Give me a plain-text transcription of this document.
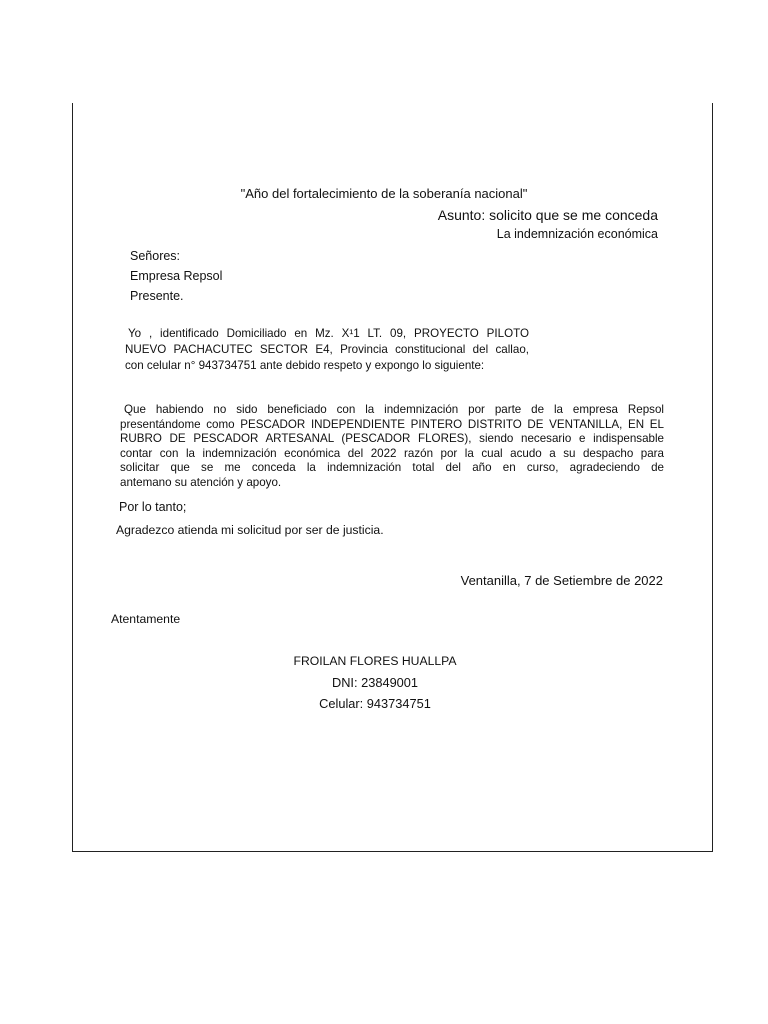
"Año del fortalecimiento de la soberanía nacional"
Asunto: solicito que se me conceda
La indemnización económica
Señores:
Empresa Repsol
Presente.
Yo , identificado Domiciliado en Mz. X¹1 LT. 09, PROYECTO PILOTO
NUEVO PACHACUTEC SECTOR E4, Provincia constitucional del callao,
con celular n° 943734751 ante debido respeto y expongo lo siguiente:
Que habiendo no sido beneficiado con la indemnización por parte de la empresa Repsol
presentándome como PESCADOR INDEPENDIENTE PINTERO DISTRITO DE VENTANILLA, EN EL
RUBRO DE PESCADOR ARTESANAL (PESCADOR FLORES), siendo necesario e indispensable
contar con la indemnización económica del 2022 razón por la cual acudo a su despacho para
solicitar que se me conceda la indemnización total del año en curso, agradeciendo de
antemano su atención y apoyo.
Por lo tanto;
Agradezco atienda mi solicitud por ser de justicia.
Ventanilla, 7 de Setiembre de 2022
Atentamente
FROILAN FLORES HUALLPA
DNI: 23849001
Celular: 943734751
